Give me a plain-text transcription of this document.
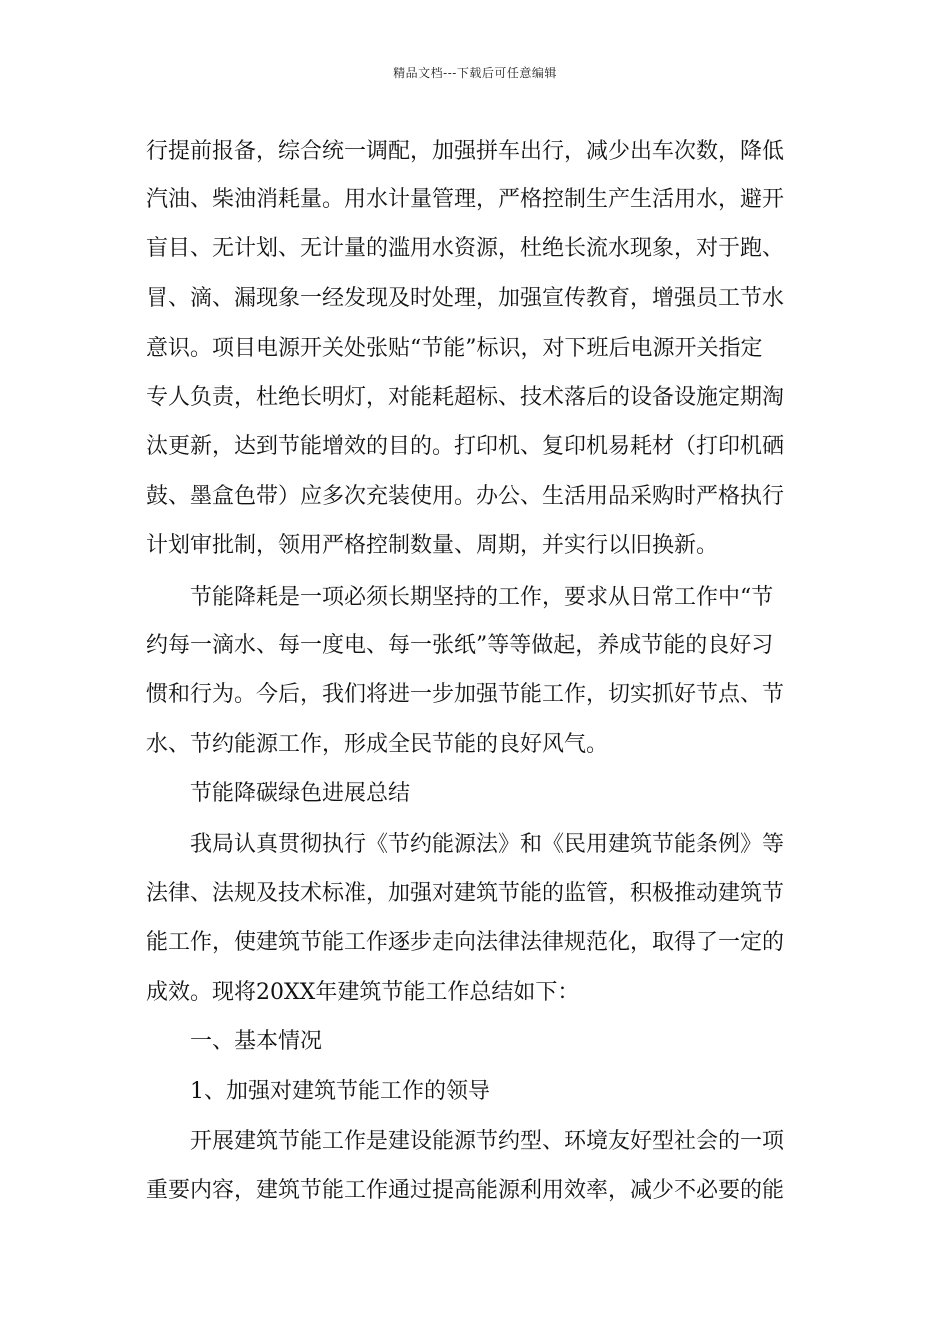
精品文档---下载后可任意编辑
行提前报备，综合统一调配，加强拼车出行，减少出车次数，降低
汽油、柴油消耗量。用水计量管理，严格控制生产生活用水，避开
盲目、无计划、无计量的滥用水资源，杜绝长流水现象，对于跑、
冒、滴、漏现象一经发现及时处理，加强宣传教育，增强员工节水
意识。项目电源开关处张贴“节能”标识，对下班后电源开关指定
专人负责，杜绝长明灯，对能耗超标、技术落后的设备设施定期淘
汰更新，达到节能增效的目的。打印机、复印机易耗材（打印机硒
鼓、墨盒色带）应多次充装使用。办公、生活用品采购时严格执行
计划审批制，领用严格控制数量、周期，并实行以旧换新。
节能降耗是一项必须长期坚持的工作，要求从日常工作中“节
约每一滴水、每一度电、每一张纸”等等做起，养成节能的良好习
惯和行为。今后，我们将进一步加强节能工作，切实抓好节点、节
水、节约能源工作，形成全民节能的良好风气。
节能降碳绿色进展总结
我局认真贯彻执行《节约能源法》和《民用建筑节能条例》等
法律、法规及技术标准，加强对建筑节能的监管，积极推动建筑节
能工作，使建筑节能工作逐步走向法律法律规范化，取得了一定的
成效。现将20XX年建筑节能工作总结如下：
一、基本情况
1、加强对建筑节能工作的领导
开展建筑节能工作是建设能源节约型、环境友好型社会的一项
重要内容，建筑节能工作通过提高能源利用效率，减少不必要的能
